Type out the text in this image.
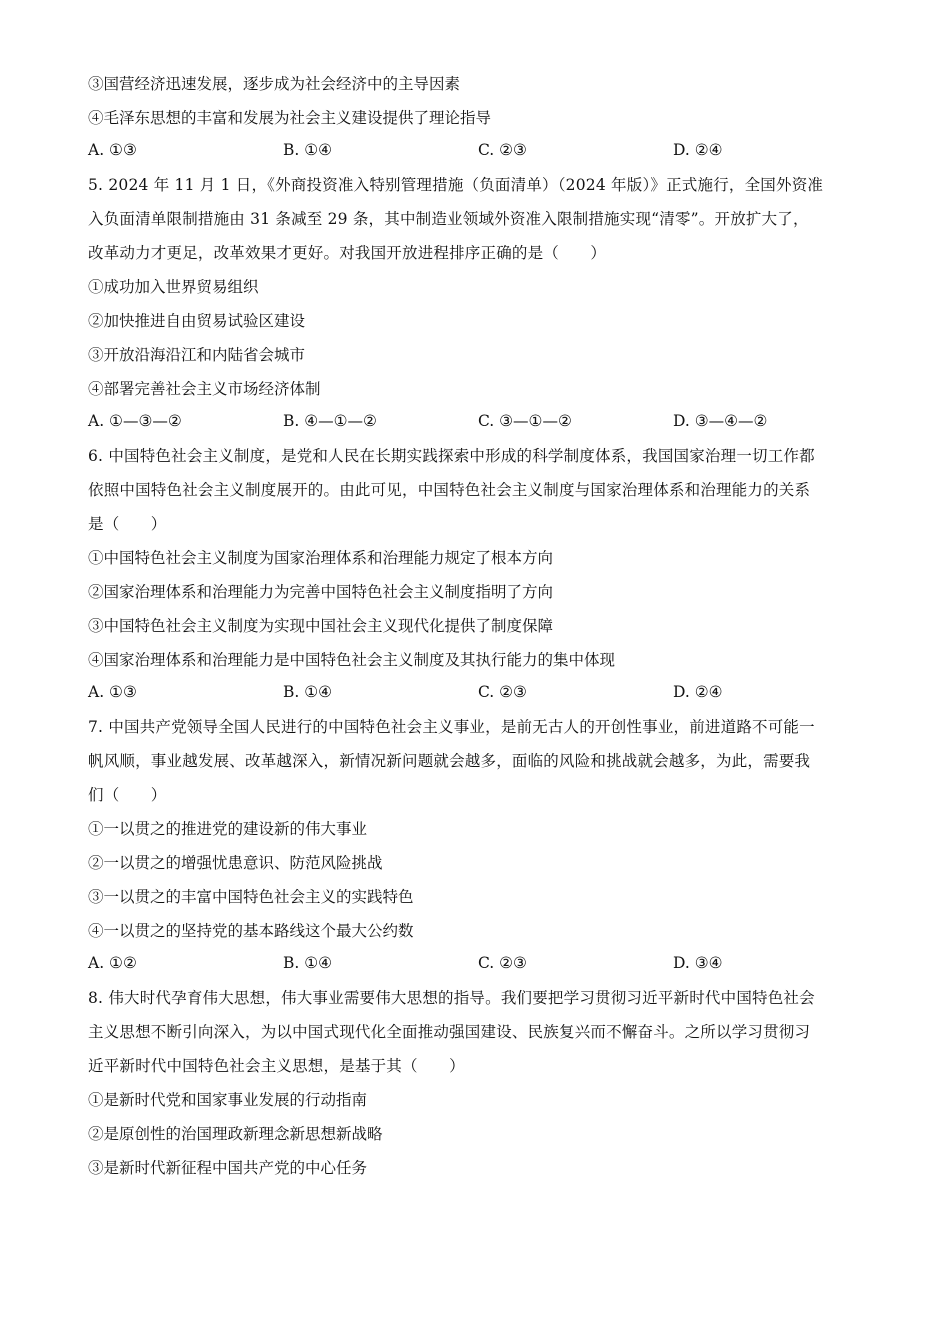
③国营经济迅速发展，逐步成为社会经济中的主导因素
④毛泽东思想的丰富和发展为社会主义建设提供了理论指导
A. ①③	B. ①④	C. ②③	D. ②④
5. 2024 年 11 月 1 日，《外商投资准入特别管理措施（负面清单）（2024 年版）》正式施行，全国外资准
入负面清单限制措施由 31 条减至 29 条，其中制造业领域外资准入限制措施实现“清零”。开放扩大了，
改革动力才更足，改革效果才更好。对我国开放进程排序正确的是（　　）
①成功加入世界贸易组织
②加快推进自由贸易试验区建设
③开放沿海沿江和内陆省会城市
④部署完善社会主义市场经济体制
A. ①—③—②	B. ④—①—②	C. ③—①—②	D. ③—④—②
6. 中国特色社会主义制度，是党和人民在长期实践探索中形成的科学制度体系，我国国家治理一切工作都
依照中国特色社会主义制度展开的。由此可见，中国特色社会主义制度与国家治理体系和治理能力的关系
是（　　）
①中国特色社会主义制度为国家治理体系和治理能力规定了根本方向
②国家治理体系和治理能力为完善中国特色社会主义制度指明了方向
③中国特色社会主义制度为实现中国社会主义现代化提供了制度保障
④国家治理体系和治理能力是中国特色社会主义制度及其执行能力的集中体现
A. ①③	B. ①④	C. ②③	D. ②④
7. 中国共产党领导全国人民进行的中国特色社会主义事业，是前无古人的开创性事业，前进道路不可能一
帆风顺，事业越发展、改革越深入，新情况新问题就会越多，面临的风险和挑战就会越多，为此，需要我
们（　　）
①一以贯之的推进党的建设新的伟大事业
②一以贯之的增强忧患意识、防范风险挑战
③一以贯之的丰富中国特色社会主义的实践特色
④一以贯之的坚持党的基本路线这个最大公约数
A. ①②	B. ①④	C. ②③	D. ③④
8. 伟大时代孕育伟大思想，伟大事业需要伟大思想的指导。我们要把学习贯彻习近平新时代中国特色社会
主义思想不断引向深入，为以中国式现代化全面推动强国建设、民族复兴而不懈奋斗。之所以学习贯彻习
近平新时代中国特色社会主义思想，是基于其（　　）
①是新时代党和国家事业发展的行动指南
②是原创性的治国理政新理念新思想新战略
③是新时代新征程中国共产党的中心任务
